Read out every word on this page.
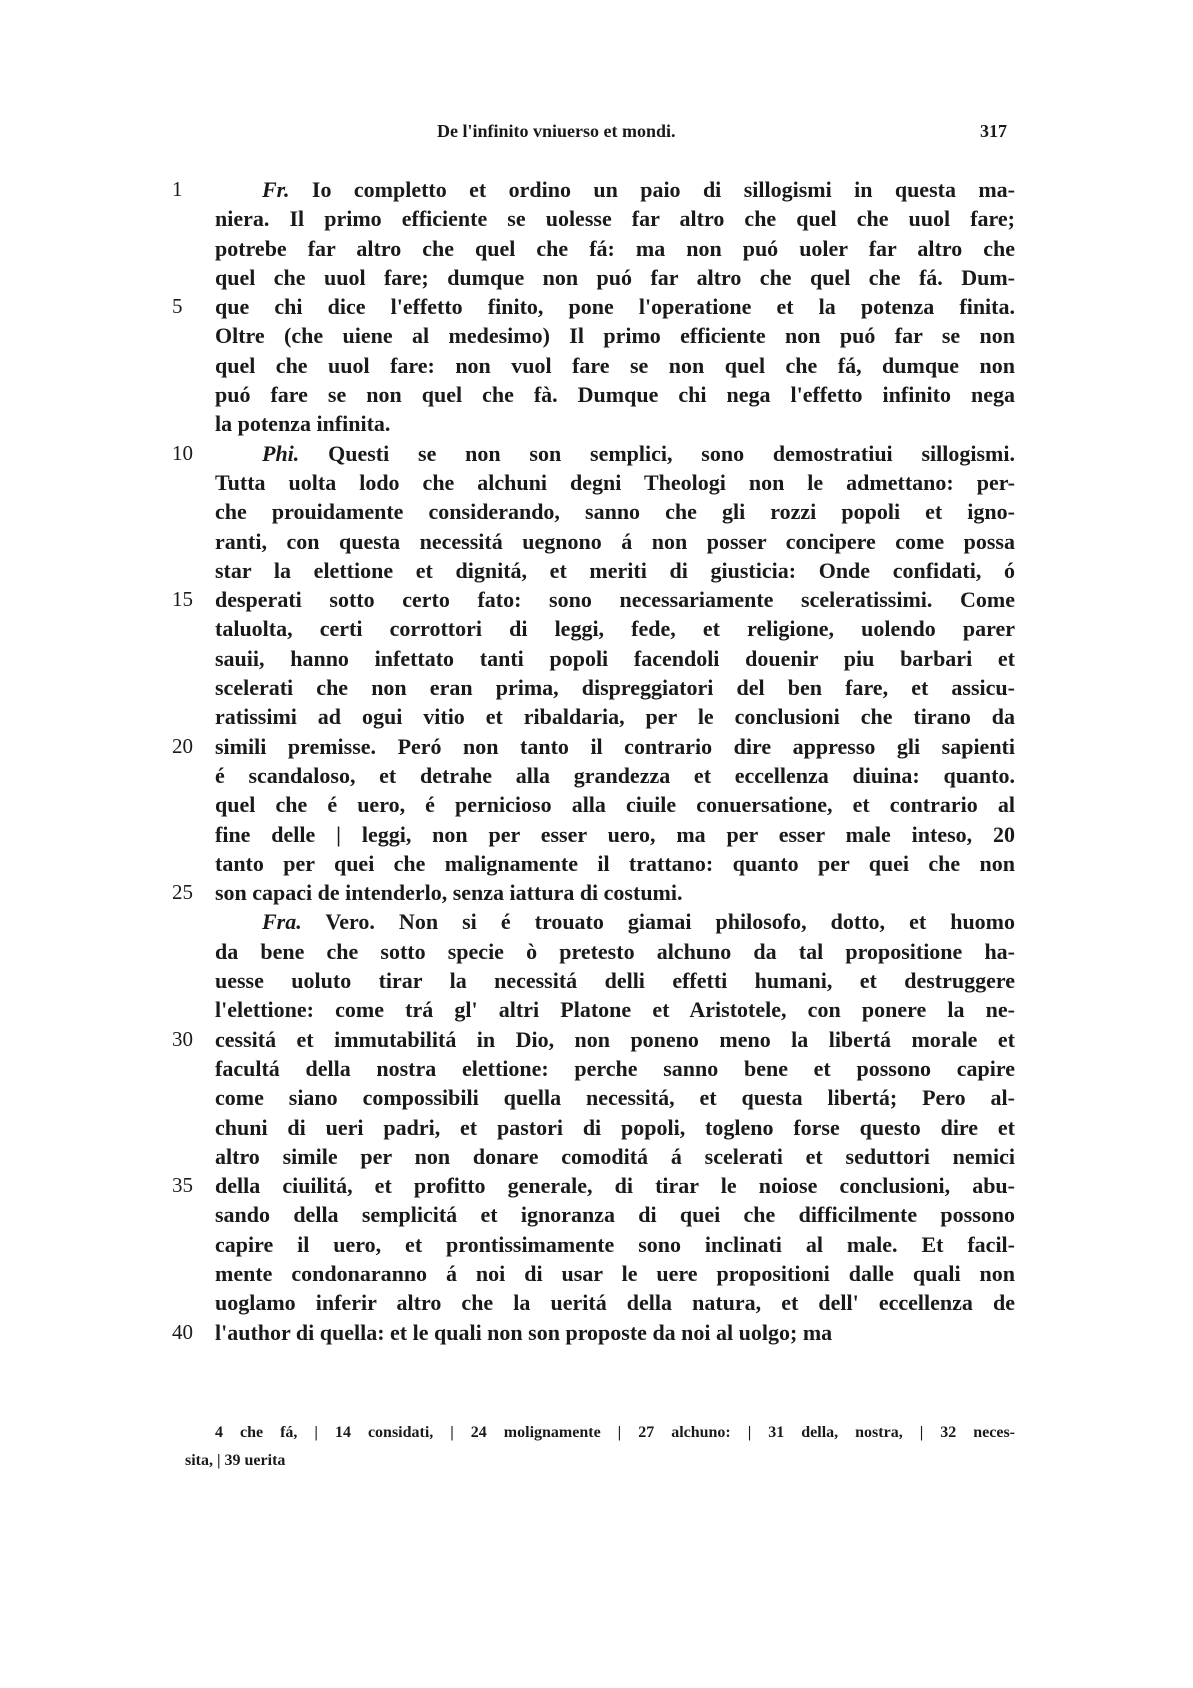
De l'infinito vniuerso et mondi.	317
1	Fr. Io completto et ordino un paio di sillogismi in questa ma-
niera. Il primo efficiente se uolesse far altro che quel che uuol fare;
potrebe far altro che quel che fá: ma non puó uoler far altro che
quel che uuol fare; dumque non puó far altro che quel che fá. Dum-
5	que chi dice l'effetto finito, pone l'operatione et la potenza finita.
Oltre (che uiene al medesimo) Il primo efficiente non puó far se non
quel che uuol fare: non vuol fare se non quel che fá, dumque non
puó fare se non quel che fà. Dumque chi nega l'effetto infinito nega
la potenza infinita.
10	Phi. Questi se non son semplici, sono demostratiui sillogismi.
Tutta uolta lodo che alchuni degni Theologi non le admettano: per-
che prouidamente considerando, sanno che gli rozzi popoli et igno-
ranti, con questa necessitá uegnono á non posser concipere come possa
star la elettione et dignitá, et meriti di giusticia: Onde confidati, ó
15	desperati sotto certo fato: sono necessariamente sceleratissimi. Come
taluolta, certi corrottori di leggi, fede, et religione, uolendo parer
sauii, hanno infettato tanti popoli facendoli douenir piu barbari et
scelerati che non eran prima, dispreggiatori del ben fare, et assicu-
ratissimi ad ogui vitio et ribaldaria, per le conclusioni che tirano da
20	simili premisse. Peró non tanto il contrario dire appresso gli sapienti
é scandaloso, et detrahe alla grandezza et eccellenza diuina: quanto.
quel che é uero, é pernicioso alla ciuile conuersatione, et contrario al
fine delle | leggi, non per esser uero, ma per esser male inteso, 20
tanto per quei che malignamente il trattano: quanto per quei che non
25	son capaci de intenderlo, senza iattura di costumi.
Fra. Vero. Non si é trouato giamai philosofo, dotto, et huomo
da bene che sotto specie ò pretesto alchuno da tal propositione ha-
uesse uoluto tirar la necessitá delli effetti humani, et destruggere
l'elettione: come trá gl' altri Platone et Aristotele, con ponere la ne-
30	cessitá et immutabilitá in Dio, non poneno meno la libertá morale et
facultá della nostra elettione: perche sanno bene et possono capire
come siano compossibili quella necessitá, et questa libertá; Pero al-
chuni di ueri padri, et pastori di popoli, togleno forse questo dire et
altro simile per non donare comoditá á scelerati et seduttori nemici
35	della ciuilitá, et profitto generale, di tirar le noiose conclusioni, abu-
sando della semplicitá et ignoranza di quei che difficilmente possono
capire il uero, et prontissimamente sono inclinati al male. Et facil-
mente condonaranno á noi di usar le uere propositioni dalle quali non
uoglamo inferir altro che la ueritá della natura, et dell' eccellenza de
40	l'author di quella: et le quali non son proposte da noi al uolgo; ma
4 che fá, | 14 considati, | 24 molignamente | 27 alchuno: | 31 della, nostra, | 32 neces-
sita, | 39 uerita
